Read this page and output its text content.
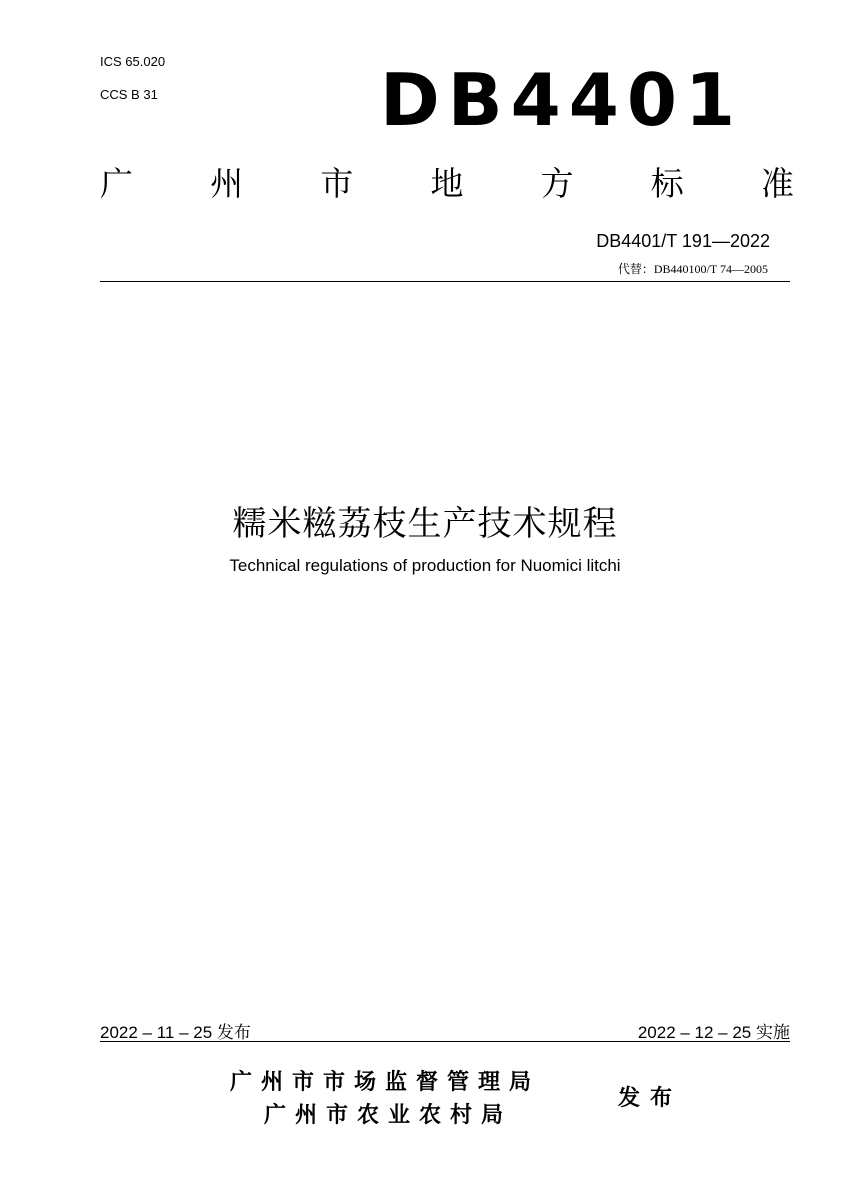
ICS 65.020
CCS B 31	DB4401
广 州 市 地 方 标 准
DB4401/T 191—2022
代替：DB440100/T 74—2005
糯米糍荔枝生产技术规程
Technical regulations of production for Nuomici litchi
2022 – 11 – 25 发布	2022 – 12 – 25 实施
广州市市场监督管理局
广州市农业农村局
发布
